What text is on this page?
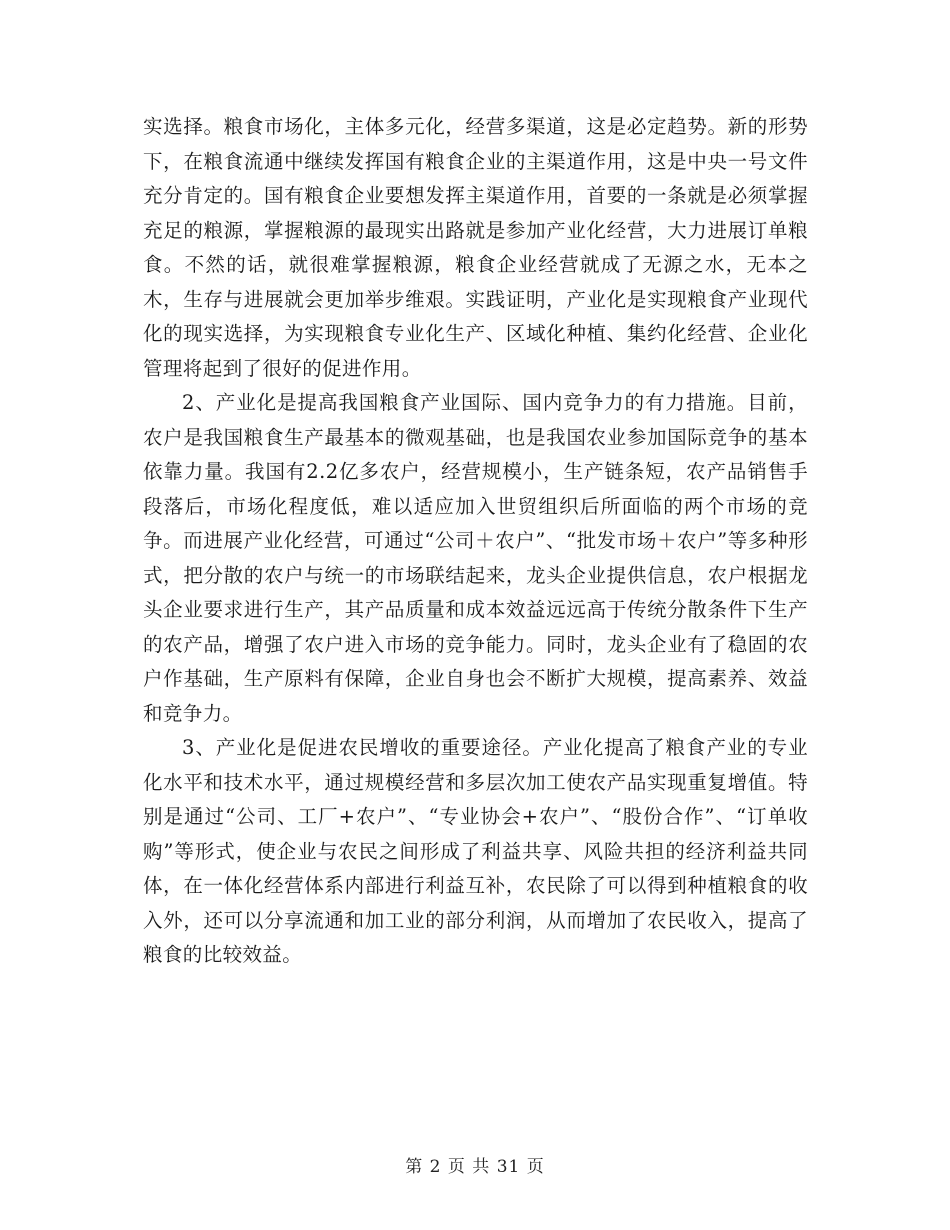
实选择。粮食市场化，主体多元化，经营多渠道，这是必定趋势。新的形势下，在粮食流通中继续发挥国有粮食企业的主渠道作用，这是中央一号文件充分肯定的。国有粮食企业要想发挥主渠道作用，首要的一条就是必须掌握充足的粮源，掌握粮源的最现实出路就是参加产业化经营，大力进展订单粮食。不然的话，就很难掌握粮源，粮食企业经营就成了无源之水，无本之木，生存与进展就会更加举步维艰。实践证明，产业化是实现粮食产业现代化的现实选择，为实现粮食专业化生产、区域化种植、集约化经营、企业化管理将起到了很好的促进作用。

2、产业化是提高我国粮食产业国际、国内竞争力的有力措施。目前，农户是我国粮食生产最基本的微观基础，也是我国农业参加国际竞争的基本依靠力量。我国有2.2亿多农户，经营规模小，生产链条短，农产品销售手段落后，市场化程度低，难以适应加入世贸组织后所面临的两个市场的竞争。而进展产业化经营，可通过“公司＋农户”、“批发市场＋农户”等多种形式，把分散的农户与统一的市场联结起来，龙头企业提供信息，农户根据龙头企业要求进行生产，其产品质量和成本效益远远高于传统分散条件下生产的农产品，增强了农户进入市场的竞争能力。同时，龙头企业有了稳固的农户作基础，生产原料有保障，企业自身也会不断扩大规模，提高素养、效益和竞争力。

3、产业化是促进农民增收的重要途径。产业化提高了粮食产业的专业化水平和技术水平，通过规模经营和多层次加工使农产品实现重复增值。特别是通过“公司、工厂+农户”、“专业协会+农户”、“股份合作”、“订单收购”等形式，使企业与农民之间形成了利益共享、风险共担的经济利益共同体，在一体化经营体系内部进行利益互补，农民除了可以得到种植粮食的收入外，还可以分享流通和加工业的部分利润，从而增加了农民收入，提高了粮食的比较效益。

第 2 页 共 31 页
